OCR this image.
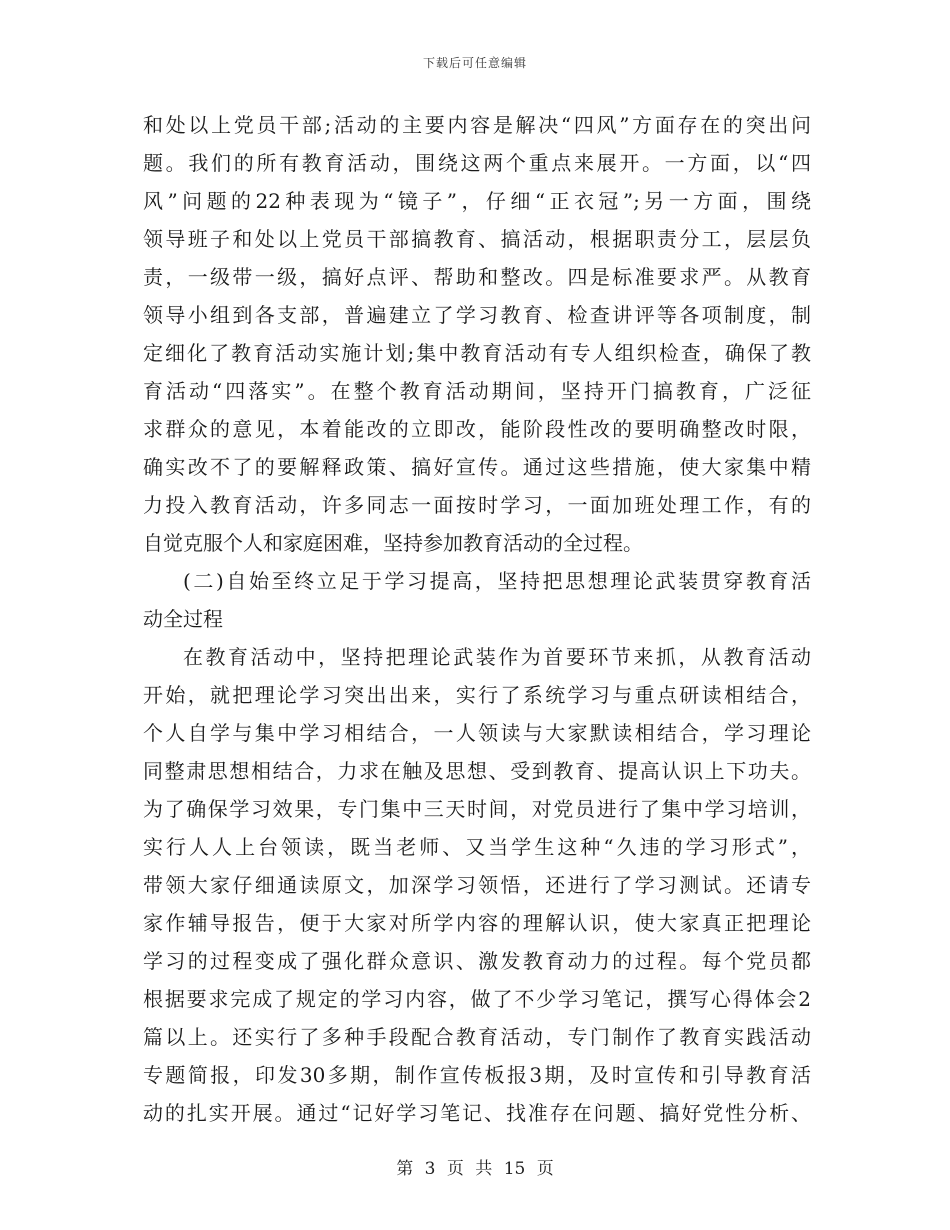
下载后可任意编辑
和处以上党员干部;活动的主要内容是解决“四风”方面存在的突出问
题。我们的所有教育活动，围绕这两个重点来展开。一方面，以“四
风”问题的22种表现为“镜子”，仔细“正衣冠”;另一方面，围绕
领导班子和处以上党员干部搞教育、搞活动，根据职责分工，层层负
责，一级带一级，搞好点评、帮助和整改。四是标准要求严。从教育
领导小组到各支部，普遍建立了学习教育、检查讲评等各项制度，制
定细化了教育活动实施计划;集中教育活动有专人组织检查，确保了教
育活动“四落实”。在整个教育活动期间，坚持开门搞教育，广泛征
求群众的意见，本着能改的立即改，能阶段性改的要明确整改时限，
确实改不了的要解释政策、搞好宣传。通过这些措施，使大家集中精
力投入教育活动，许多同志一面按时学习，一面加班处理工作，有的
自觉克服个人和家庭困难，坚持参加教育活动的全过程。
(二)自始至终立足于学习提高，坚持把思想理论武装贯穿教育活
动全过程
在教育活动中，坚持把理论武装作为首要环节来抓，从教育活动
开始，就把理论学习突出出来，实行了系统学习与重点研读相结合，
个人自学与集中学习相结合，一人领读与大家默读相结合，学习理论
同整肃思想相结合，力求在触及思想、受到教育、提高认识上下功夫。
为了确保学习效果，专门集中三天时间，对党员进行了集中学习培训，
实行人人上台领读，既当老师、又当学生这种“久违的学习形式”，
带领大家仔细通读原文，加深学习领悟，还进行了学习测试。还请专
家作辅导报告，便于大家对所学内容的理解认识，使大家真正把理论
学习的过程变成了强化群众意识、激发教育动力的过程。每个党员都
根据要求完成了规定的学习内容，做了不少学习笔记，撰写心得体会2
篇以上。还实行了多种手段配合教育活动，专门制作了教育实践活动
专题简报，印发30多期，制作宣传板报3期，及时宣传和引导教育活
动的扎实开展。通过“记好学习笔记、找准存在问题、搞好党性分析、
第 3 页 共 15 页
